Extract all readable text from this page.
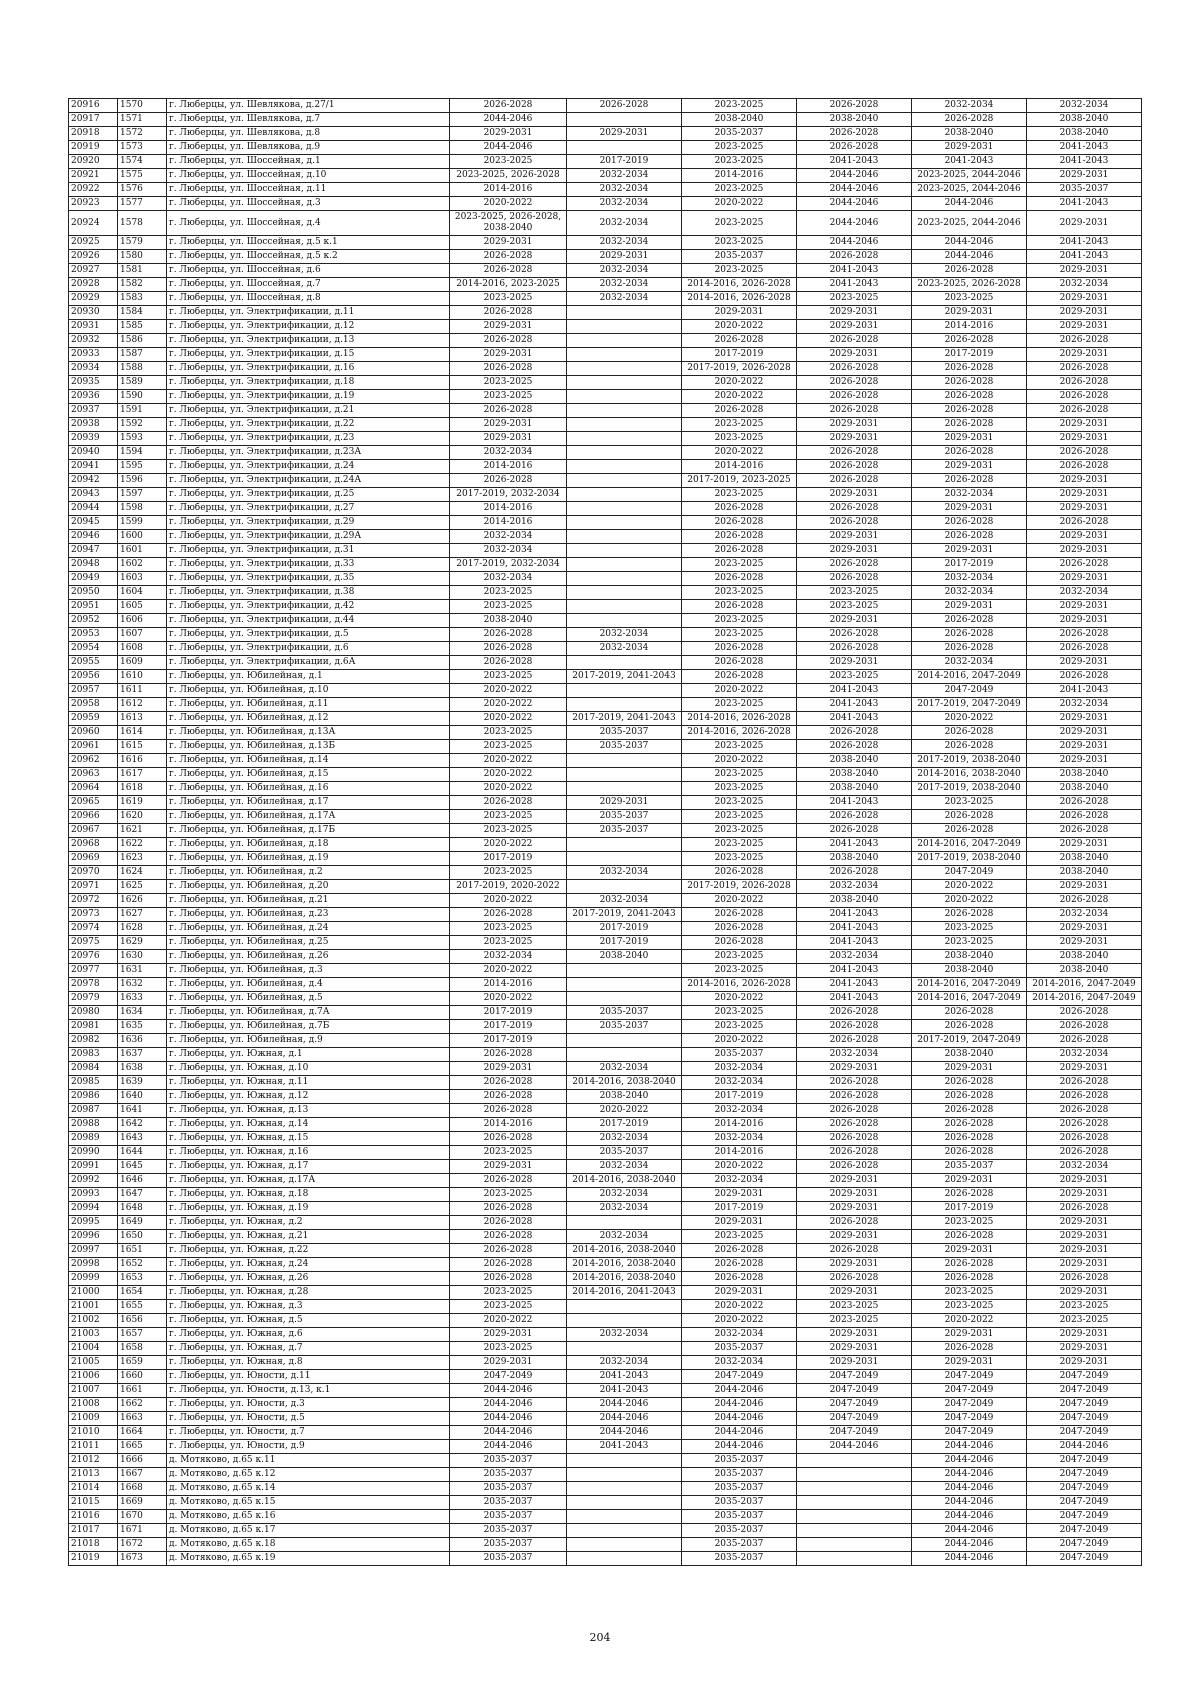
20916	1570	г. Люберцы, ул. Шевлякова, д.27/1	2026-2028	2026-2028	2023-2025	2026-2028	2032-2034	2032-2034
20917	1571	г. Люберцы, ул. Шевлякова, д.7	2044-2046		2038-2040	2038-2040	2026-2028	2038-2040
20918	1572	г. Люберцы, ул. Шевлякова, д.8	2029-2031	2029-2031	2035-2037	2026-2028	2038-2040	2038-2040
20919	1573	г. Люберцы, ул. Шевлякова, д.9	2044-2046		2023-2025	2026-2028	2029-2031	2041-2043
20920	1574	г. Люберцы, ул. Шоссейная, д.1	2023-2025	2017-2019	2023-2025	2041-2043	2041-2043	2041-2043
20921	1575	г. Люберцы, ул. Шоссейная, д.10	2023-2025, 2026-2028	2032-2034	2014-2016	2044-2046	2023-2025, 2044-2046	2029-2031
20922	1576	г. Люберцы, ул. Шоссейная, д.11	2014-2016	2032-2034	2023-2025	2044-2046	2023-2025, 2044-2046	2035-2037
20923	1577	г. Люберцы, ул. Шоссейная, д.3	2020-2022	2032-2034	2020-2022	2044-2046	2044-2046	2041-2043
20924	1578	г. Люберцы, ул. Шоссейная, д.4	2023-2025, 2026-2028, 2038-2040	2032-2034	2023-2025	2044-2046	2023-2025, 2044-2046	2029-2031
20925	1579	г. Люберцы, ул. Шоссейная, д.5 к.1	2029-2031	2032-2034	2023-2025	2044-2046	2044-2046	2041-2043
20926	1580	г. Люберцы, ул. Шоссейная, д.5 к.2	2026-2028	2029-2031	2035-2037	2026-2028	2044-2046	2041-2043
20927	1581	г. Люберцы, ул. Шоссейная, д.6	2026-2028	2032-2034	2023-2025	2041-2043	2026-2028	2029-2031
20928	1582	г. Люберцы, ул. Шоссейная, д.7	2014-2016, 2023-2025	2032-2034	2014-2016, 2026-2028	2041-2043	2023-2025, 2026-2028	2032-2034
20929	1583	г. Люберцы, ул. Шоссейная, д.8	2023-2025	2032-2034	2014-2016, 2026-2028	2023-2025	2023-2025	2029-2031
20930	1584	г. Люберцы, ул. Электрификации, д.11	2026-2028		2029-2031	2029-2031	2029-2031	2029-2031
20931	1585	г. Люберцы, ул. Электрификации, д.12	2029-2031		2020-2022	2029-2031	2014-2016	2029-2031
20932	1586	г. Люберцы, ул. Электрификации, д.13	2026-2028		2026-2028	2026-2028	2026-2028	2026-2028
20933	1587	г. Люберцы, ул. Электрификации, д.15	2029-2031		2017-2019	2029-2031	2017-2019	2029-2031
20934	1588	г. Люберцы, ул. Электрификации, д.16	2026-2028		2017-2019, 2026-2028	2026-2028	2026-2028	2026-2028
20935	1589	г. Люберцы, ул. Электрификации, д.18	2023-2025		2020-2022	2026-2028	2026-2028	2026-2028
20936	1590	г. Люберцы, ул. Электрификации, д.19	2023-2025		2020-2022	2026-2028	2026-2028	2026-2028
20937	1591	г. Люберцы, ул. Электрификации, д.21	2026-2028		2026-2028	2026-2028	2026-2028	2026-2028
20938	1592	г. Люберцы, ул. Электрификации, д.22	2029-2031		2023-2025	2029-2031	2026-2028	2029-2031
20939	1593	г. Люберцы, ул. Электрификации, д.23	2029-2031		2023-2025	2029-2031	2029-2031	2029-2031
20940	1594	г. Люберцы, ул. Электрификации, д.23А	2032-2034		2020-2022	2026-2028	2026-2028	2026-2028
20941	1595	г. Люберцы, ул. Электрификации, д.24	2014-2016		2014-2016	2026-2028	2029-2031	2026-2028
20942	1596	г. Люберцы, ул. Электрификации, д.24А	2026-2028		2017-2019, 2023-2025	2026-2028	2026-2028	2029-2031
20943	1597	г. Люберцы, ул. Электрификации, д.25	2017-2019, 2032-2034		2023-2025	2029-2031	2032-2034	2029-2031
20944	1598	г. Люберцы, ул. Электрификации, д.27	2014-2016		2026-2028	2026-2028	2029-2031	2029-2031
20945	1599	г. Люберцы, ул. Электрификации, д.29	2014-2016		2026-2028	2026-2028	2026-2028	2026-2028
20946	1600	г. Люберцы, ул. Электрификации, д.29А	2032-2034		2026-2028	2029-2031	2026-2028	2029-2031
20947	1601	г. Люберцы, ул. Электрификации, д.31	2032-2034		2026-2028	2029-2031	2029-2031	2029-2031
20948	1602	г. Люберцы, ул. Электрификации, д.33	2017-2019, 2032-2034		2023-2025	2026-2028	2017-2019	2026-2028
20949	1603	г. Люберцы, ул. Электрификации, д.35	2032-2034		2026-2028	2026-2028	2032-2034	2029-2031
20950	1604	г. Люберцы, ул. Электрификации, д.38	2023-2025		2023-2025	2023-2025	2032-2034	2032-2034
20951	1605	г. Люберцы, ул. Электрификации, д.42	2023-2025		2026-2028	2023-2025	2029-2031	2029-2031
20952	1606	г. Люберцы, ул. Электрификации, д.44	2038-2040		2023-2025	2029-2031	2026-2028	2029-2031
20953	1607	г. Люберцы, ул. Электрификации, д.5	2026-2028	2032-2034	2023-2025	2026-2028	2026-2028	2026-2028
20954	1608	г. Люберцы, ул. Электрификации, д.6	2026-2028	2032-2034	2026-2028	2026-2028	2026-2028	2026-2028
20955	1609	г. Люберцы, ул. Электрификации, д.6А	2026-2028		2026-2028	2029-2031	2032-2034	2029-2031
20956	1610	г. Люберцы, ул. Юбилейная, д.1	2023-2025	2017-2019, 2041-2043	2026-2028	2023-2025	2014-2016, 2047-2049	2026-2028
20957	1611	г. Люберцы, ул. Юбилейная, д.10	2020-2022		2020-2022	2041-2043	2047-2049	2041-2043
20958	1612	г. Люберцы, ул. Юбилейная, д.11	2020-2022		2023-2025	2041-2043	2017-2019, 2047-2049	2032-2034
20959	1613	г. Люберцы, ул. Юбилейная, д.12	2020-2022	2017-2019, 2041-2043	2014-2016, 2026-2028	2041-2043	2020-2022	2029-2031
20960	1614	г. Люберцы, ул. Юбилейная, д.13А	2023-2025	2035-2037	2014-2016, 2026-2028	2026-2028	2026-2028	2029-2031
20961	1615	г. Люберцы, ул. Юбилейная, д.13Б	2023-2025	2035-2037	2023-2025	2026-2028	2026-2028	2029-2031
20962	1616	г. Люберцы, ул. Юбилейная, д.14	2020-2022		2020-2022	2038-2040	2017-2019, 2038-2040	2029-2031
20963	1617	г. Люберцы, ул. Юбилейная, д.15	2020-2022		2023-2025	2038-2040	2014-2016, 2038-2040	2038-2040
20964	1618	г. Люберцы, ул. Юбилейная, д.16	2020-2022		2023-2025	2038-2040	2017-2019, 2038-2040	2038-2040
20965	1619	г. Люберцы, ул. Юбилейная, д.17	2026-2028	2029-2031	2023-2025	2041-2043	2023-2025	2026-2028
20966	1620	г. Люберцы, ул. Юбилейная, д.17А	2023-2025	2035-2037	2023-2025	2026-2028	2026-2028	2026-2028
20967	1621	г. Люберцы, ул. Юбилейная, д.17Б	2023-2025	2035-2037	2023-2025	2026-2028	2026-2028	2026-2028
20968	1622	г. Люберцы, ул. Юбилейная, д.18	2020-2022		2023-2025	2041-2043	2014-2016, 2047-2049	2029-2031
20969	1623	г. Люберцы, ул. Юбилейная, д.19	2017-2019		2023-2025	2038-2040	2017-2019, 2038-2040	2038-2040
20970	1624	г. Люберцы, ул. Юбилейная, д.2	2023-2025	2032-2034	2026-2028	2026-2028	2047-2049	2038-2040
20971	1625	г. Люберцы, ул. Юбилейная, д.20	2017-2019, 2020-2022		2017-2019, 2026-2028	2032-2034	2020-2022	2029-2031
20972	1626	г. Люберцы, ул. Юбилейная, д.21	2020-2022	2032-2034	2020-2022	2038-2040	2020-2022	2026-2028
20973	1627	г. Люберцы, ул. Юбилейная, д.23	2026-2028	2017-2019, 2041-2043	2026-2028	2041-2043	2026-2028	2032-2034
20974	1628	г. Люберцы, ул. Юбилейная, д.24	2023-2025	2017-2019	2026-2028	2041-2043	2023-2025	2029-2031
20975	1629	г. Люберцы, ул. Юбилейная, д.25	2023-2025	2017-2019	2026-2028	2041-2043	2023-2025	2029-2031
20976	1630	г. Люберцы, ул. Юбилейная, д.26	2032-2034	2038-2040	2023-2025	2032-2034	2038-2040	2038-2040
20977	1631	г. Люберцы, ул. Юбилейная, д.3	2020-2022		2023-2025	2041-2043	2038-2040	2038-2040
20978	1632	г. Люберцы, ул. Юбилейная, д.4	2014-2016		2014-2016, 2026-2028	2041-2043	2014-2016, 2047-2049	2014-2016, 2047-2049
20979	1633	г. Люберцы, ул. Юбилейная, д.5	2020-2022		2020-2022	2041-2043	2014-2016, 2047-2049	2014-2016, 2047-2049
20980	1634	г. Люберцы, ул. Юбилейная, д.7А	2017-2019	2035-2037	2023-2025	2026-2028	2026-2028	2026-2028
20981	1635	г. Люберцы, ул. Юбилейная, д.7Б	2017-2019	2035-2037	2023-2025	2026-2028	2026-2028	2026-2028
20982	1636	г. Люберцы, ул. Юбилейная, д.9	2017-2019		2020-2022	2026-2028	2017-2019, 2047-2049	2026-2028
20983	1637	г. Люберцы, ул. Южная, д.1	2026-2028		2035-2037	2032-2034	2038-2040	2032-2034
20984	1638	г. Люберцы, ул. Южная, д.10	2029-2031	2032-2034	2032-2034	2029-2031	2029-2031	2029-2031
20985	1639	г. Люберцы, ул. Южная, д.11	2026-2028	2014-2016, 2038-2040	2032-2034	2026-2028	2026-2028	2026-2028
20986	1640	г. Люберцы, ул. Южная, д.12	2026-2028	2038-2040	2017-2019	2026-2028	2026-2028	2026-2028
20987	1641	г. Люберцы, ул. Южная, д.13	2026-2028	2020-2022	2032-2034	2026-2028	2026-2028	2026-2028
20988	1642	г. Люберцы, ул. Южная, д.14	2014-2016	2017-2019	2014-2016	2026-2028	2026-2028	2026-2028
20989	1643	г. Люберцы, ул. Южная, д.15	2026-2028	2032-2034	2032-2034	2026-2028	2026-2028	2026-2028
20990	1644	г. Люберцы, ул. Южная, д.16	2023-2025	2035-2037	2014-2016	2026-2028	2026-2028	2026-2028
20991	1645	г. Люберцы, ул. Южная, д.17	2029-2031	2032-2034	2020-2022	2026-2028	2035-2037	2032-2034
20992	1646	г. Люберцы, ул. Южная, д.17А	2026-2028	2014-2016, 2038-2040	2032-2034	2029-2031	2029-2031	2029-2031
20993	1647	г. Люберцы, ул. Южная, д.18	2023-2025	2032-2034	2029-2031	2029-2031	2026-2028	2029-2031
20994	1648	г. Люберцы, ул. Южная, д.19	2026-2028	2032-2034	2017-2019	2029-2031	2017-2019	2026-2028
20995	1649	г. Люберцы, ул. Южная, д.2	2026-2028		2029-2031	2026-2028	2023-2025	2029-2031
20996	1650	г. Люберцы, ул. Южная, д.21	2026-2028	2032-2034	2023-2025	2029-2031	2026-2028	2029-2031
20997	1651	г. Люберцы, ул. Южная, д.22	2026-2028	2014-2016, 2038-2040	2026-2028	2026-2028	2029-2031	2029-2031
20998	1652	г. Люберцы, ул. Южная, д.24	2026-2028	2014-2016, 2038-2040	2026-2028	2029-2031	2026-2028	2029-2031
20999	1653	г. Люберцы, ул. Южная, д.26	2026-2028	2014-2016, 2038-2040	2026-2028	2026-2028	2026-2028	2026-2028
21000	1654	г. Люберцы, ул. Южная, д.28	2023-2025	2014-2016, 2041-2043	2029-2031	2029-2031	2023-2025	2029-2031
21001	1655	г. Люберцы, ул. Южная, д.3	2023-2025		2020-2022	2023-2025	2023-2025	2023-2025
21002	1656	г. Люберцы, ул. Южная, д.5	2020-2022		2020-2022	2023-2025	2020-2022	2023-2025
21003	1657	г. Люберцы, ул. Южная, д.6	2029-2031	2032-2034	2032-2034	2029-2031	2029-2031	2029-2031
21004	1658	г. Люберцы, ул. Южная, д.7	2023-2025		2035-2037	2029-2031	2026-2028	2029-2031
21005	1659	г. Люберцы, ул. Южная, д.8	2029-2031	2032-2034	2032-2034	2029-2031	2029-2031	2029-2031
21006	1660	г. Люберцы, ул. Юности, д.11	2047-2049	2041-2043	2047-2049	2047-2049	2047-2049	2047-2049
21007	1661	г. Люберцы, ул. Юности, д.13, к.1	2044-2046	2041-2043	2044-2046	2047-2049	2047-2049	2047-2049
21008	1662	г. Люберцы, ул. Юности, д.3	2044-2046	2044-2046	2044-2046	2047-2049	2047-2049	2047-2049
21009	1663	г. Люберцы, ул. Юности, д.5	2044-2046	2044-2046	2044-2046	2047-2049	2047-2049	2047-2049
21010	1664	г. Люберцы, ул. Юности, д.7	2044-2046	2044-2046	2044-2046	2047-2049	2047-2049	2047-2049
21011	1665	г. Люберцы, ул. Юности, д.9	2044-2046	2041-2043	2044-2046	2044-2046	2044-2046	2044-2046
21012	1666	д. Мотяково, д.65 к.11	2035-2037		2035-2037		2044-2046	2047-2049
21013	1667	д. Мотяково, д.65 к.12	2035-2037		2035-2037		2044-2046	2047-2049
21014	1668	д. Мотяково, д.65 к.14	2035-2037		2035-2037		2044-2046	2047-2049
21015	1669	д. Мотяково, д.65 к.15	2035-2037		2035-2037		2044-2046	2047-2049
21016	1670	д. Мотяково, д.65 к.16	2035-2037		2035-2037		2044-2046	2047-2049
21017	1671	д. Мотяково, д.65 к.17	2035-2037		2035-2037		2044-2046	2047-2049
21018	1672	д. Мотяково, д.65 к.18	2035-2037		2035-2037		2044-2046	2047-2049
21019	1673	д. Мотяково, д.65 к.19	2035-2037		2035-2037		2044-2046	2047-2049
204
